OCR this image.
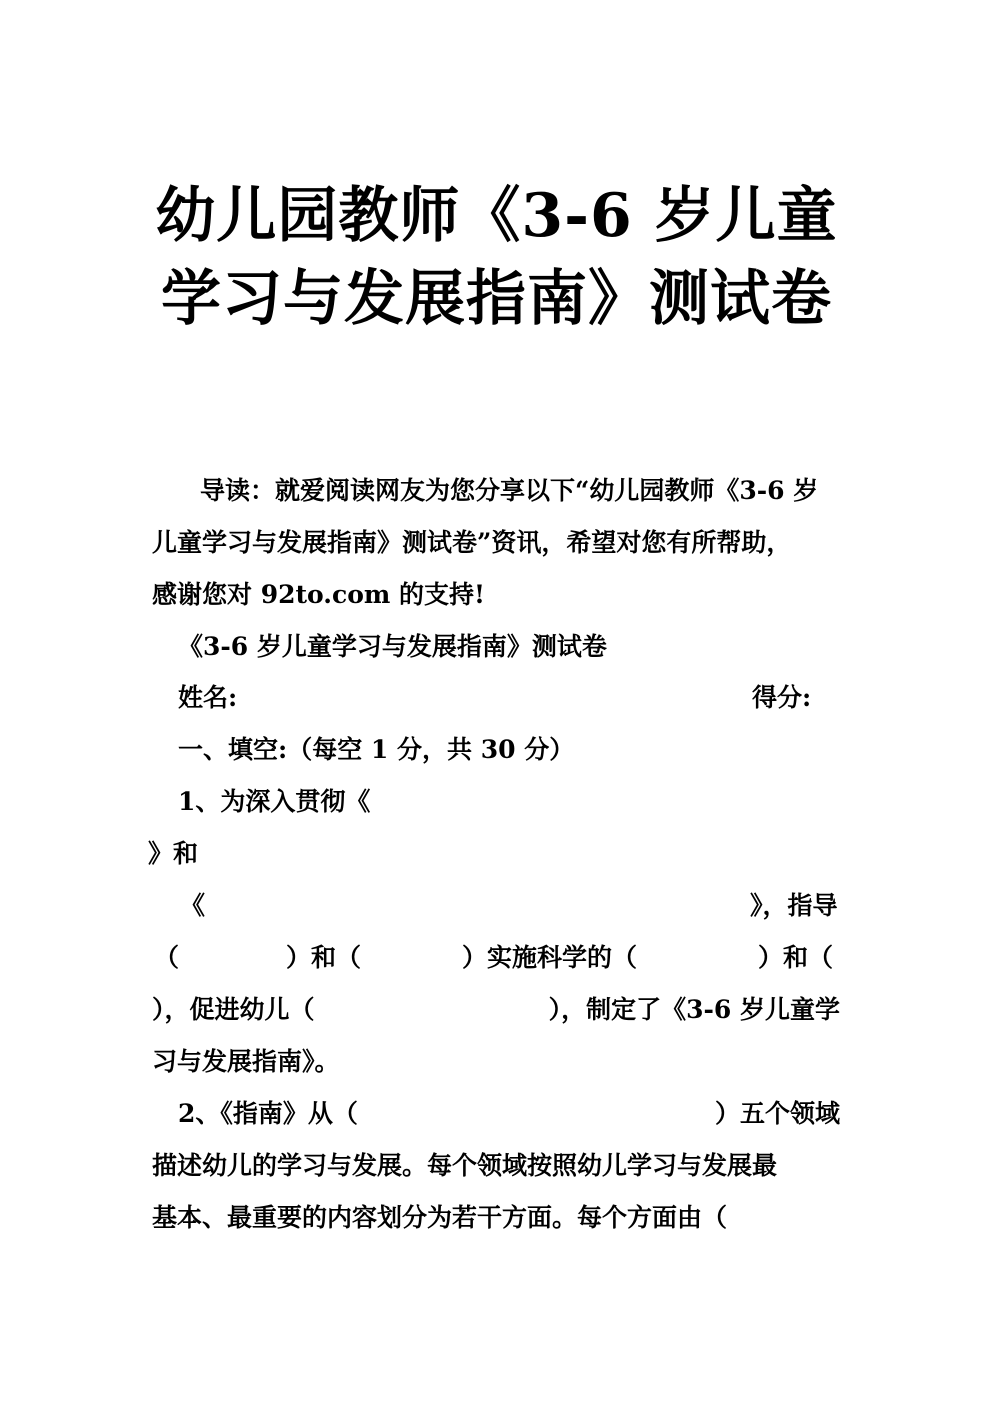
幼儿园教师《3-6 岁儿童
学习与发展指南》测试卷
导读：就爱阅读网友为您分享以下“幼儿园教师《3-6 岁
儿童学习与发展指南》测试卷”资讯，希望对您有所帮助，
感谢您对 92to.com 的支持!
《3-6 岁儿童学习与发展指南》测试卷
姓名:	得分:
一、填空:（每空 1 分，共 30 分）
1、为深入贯彻《
》和
《	》，指导
（	）和（	）实施科学的（	）和（
），促进幼儿（	），制定了《3-6 岁儿童学
习与发展指南》。
2、《指南》从（	）五个领域
描述幼儿的学习与发展。每个领域按照幼儿学习与发展最
基本、最重要的内容划分为若干方面。每个方面由（
